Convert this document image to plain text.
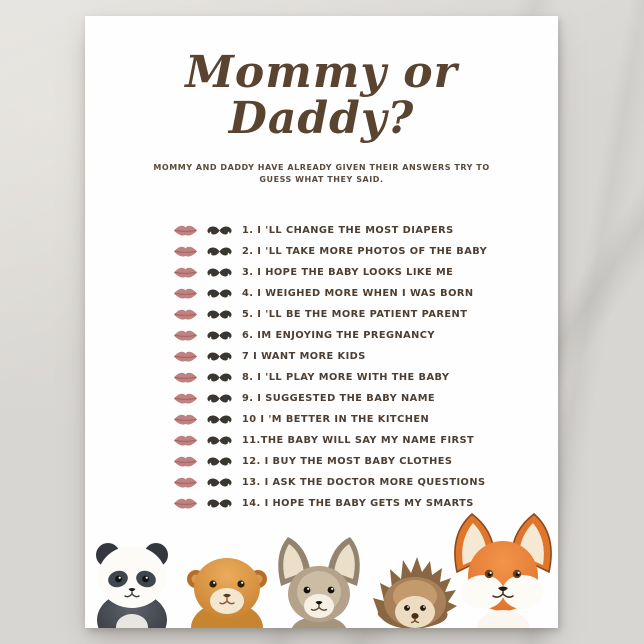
Mommy or
Daddy?

MOMMY AND DADDY HAVE ALREADY GIVEN THEIR ANSWERS TRY TO
GUESS WHAT THEY SAID.

1. I 'LL CHANGE THE MOST DIAPERS
2. I 'LL TAKE MORE PHOTOS OF THE BABY
3. I HOPE THE BABY LOOKS LIKE ME
4. I WEIGHED MORE WHEN I WAS BORN
5. I 'LL BE THE MORE PATIENT PARENT
6. IM ENJOYING THE PREGNANCY
7 I WANT MORE KIDS
8. I 'LL PLAY MORE WITH THE BABY
9. I SUGGESTED THE BABY NAME
10 I 'M BETTER IN THE KITCHEN
11.THE BABY WILL SAY MY NAME FIRST
12. I BUY THE MOST BABY CLOTHES
13. I ASK THE DOCTOR MORE QUESTIONS
14. I HOPE THE BABY GETS MY SMARTS
